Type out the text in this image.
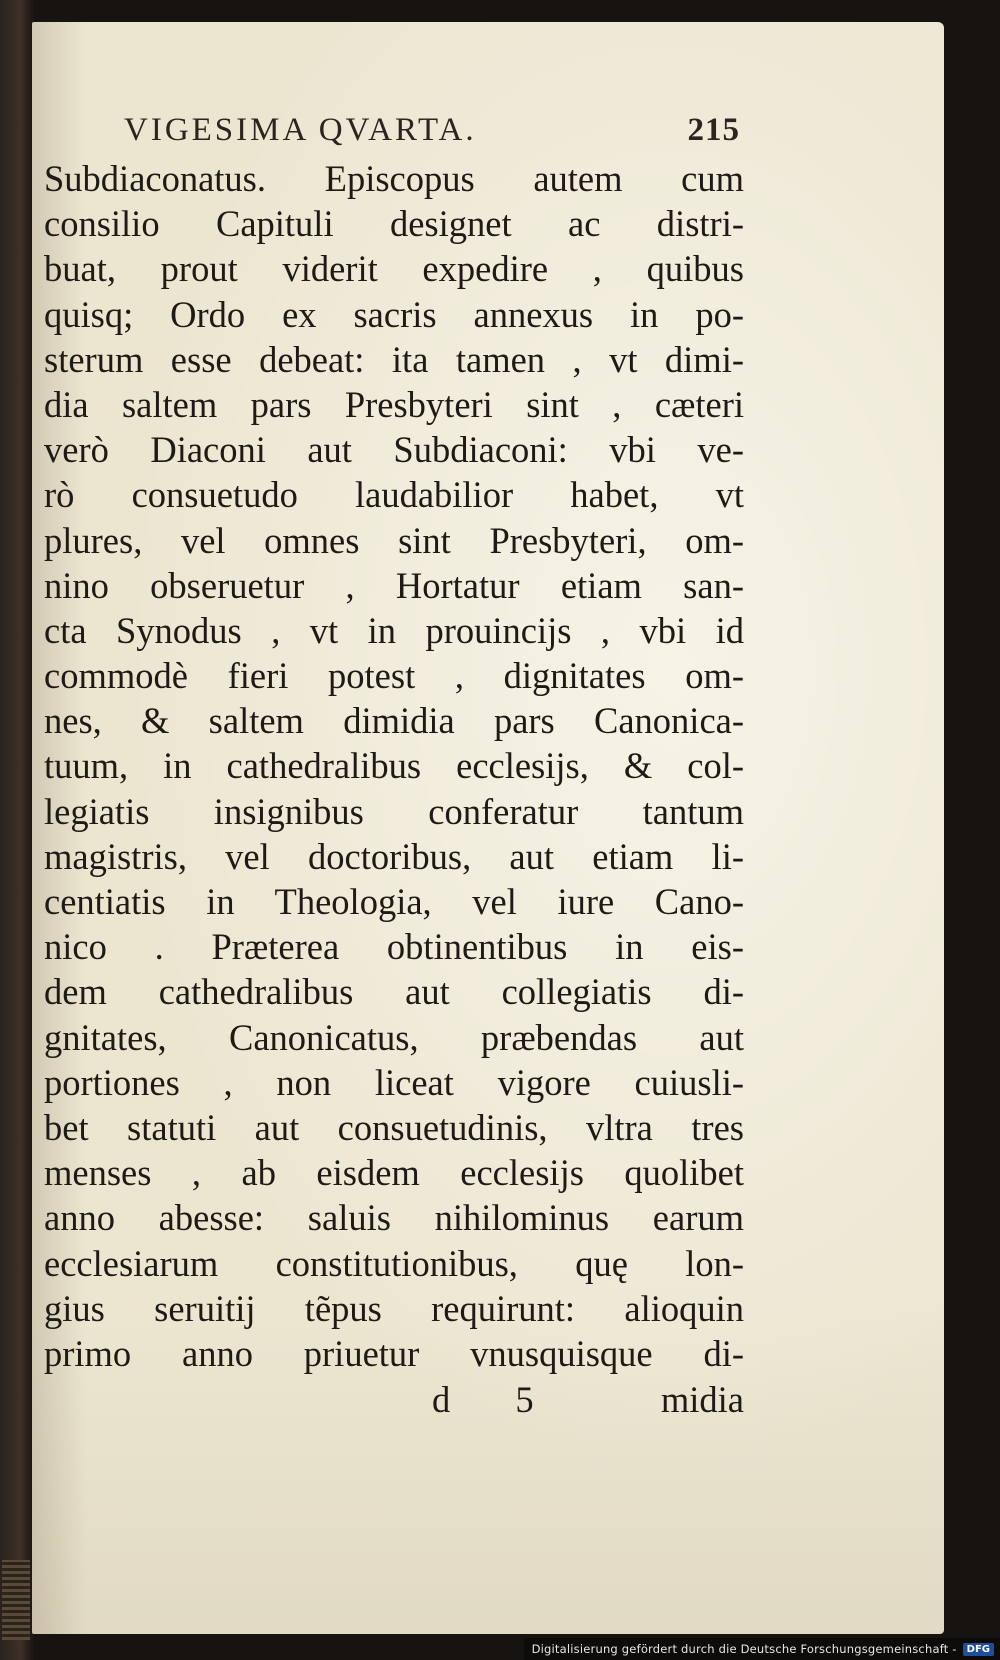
VIGESIMA QVARTA.	215
Subdiaconatus. Episcopus autem cum
consilio Capituli designet ac distri-
buat, prout viderit expedire , quibus
quisq; Ordo ex sacris annexus in po-
sterum esse debeat: ita tamen , vt dimi-
dia saltem pars Presbyteri sint , cæteri
verò Diaconi aut Subdiaconi: vbi ve-
rò consuetudo laudabilior habet, vt
plures, vel omnes sint Presbyteri, om-
nino obseruetur , Hortatur etiam san-
cta Synodus , vt in prouincijs , vbi id
commodè fieri potest , dignitates om-
nes, & saltem dimidia pars Canonica-
tuum, in cathedralibus ecclesijs, & col-
legiatis insignibus conferatur tantum
magistris, vel doctoribus, aut etiam li-
centiatis in Theologia, vel iure Cano-
nico . Præterea obtinentibus in eis-
dem cathedralibus aut collegiatis di-
gnitates, Canonicatus, præbendas aut
portiones , non liceat vigore cuiusli-
bet statuti aut consuetudinis, vltra tres
menses , ab eisdem ecclesijs quolibet
anno abesse: saluis nihilominus earum
ecclesiarum constitutionibus, quę lon-
gius seruitij tẽpus requirunt: alioquin
primo anno priuetur vnusquisque di-
d 5	midia
Digitalisierung gefördert durch die Deutsche Forschungsgemeinschaft -	DFG
